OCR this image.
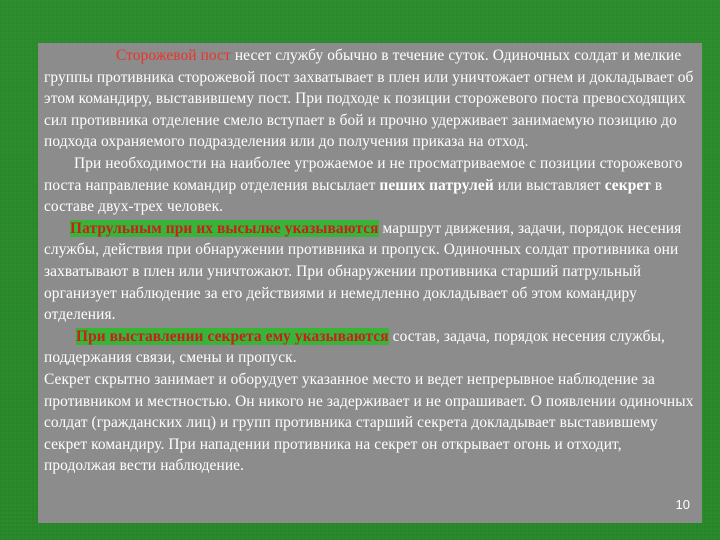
Сторожевой пост несет службу обычно в течение суток. Одиночных солдат и мелкие группы противника сторожевой пост захватывает в плен или уничтожает огнем и докладывает об этом командиру, выставившему пост. При подходе к позиции сторожевого поста превосходящих сил противника отделение смело вступает в бой и прочно удерживает занимаемую позицию до подхода охраняемого подразделения или до получения приказа на отход.

При необходимости на наиболее угрожаемое и не просматриваемое с позиции сторожевого поста направление командир отделения высылает пеших патрулей или выставляет секрет в составе двух-трех человек.

Патрульным при их высылке указываются маршрут движения, задачи, порядок несения службы, действия при обнаружении противника и пропуск. Одиночных солдат противника они захватывают в плен или уничтожают. При обнаружении противника старший патрульный организует наблюдение за его действиями и немедленно докладывает об этом командиру отделения.

При выставлении секрета ему указываются состав, задача, порядок несения службы, поддержания связи, смены и пропуск.

Секрет скрытно занимает и оборудует указанное место и ведет непрерывное наблюдение за противником и местностью. Он никого не задерживает и не опрашивает. О появлении одиночных солдат (гражданских лиц) и групп противника старший секрета докладывает выставившему секрет командиру. При нападении противника на секрет он открывает огонь и отходит, продолжая вести наблюдение.

10
